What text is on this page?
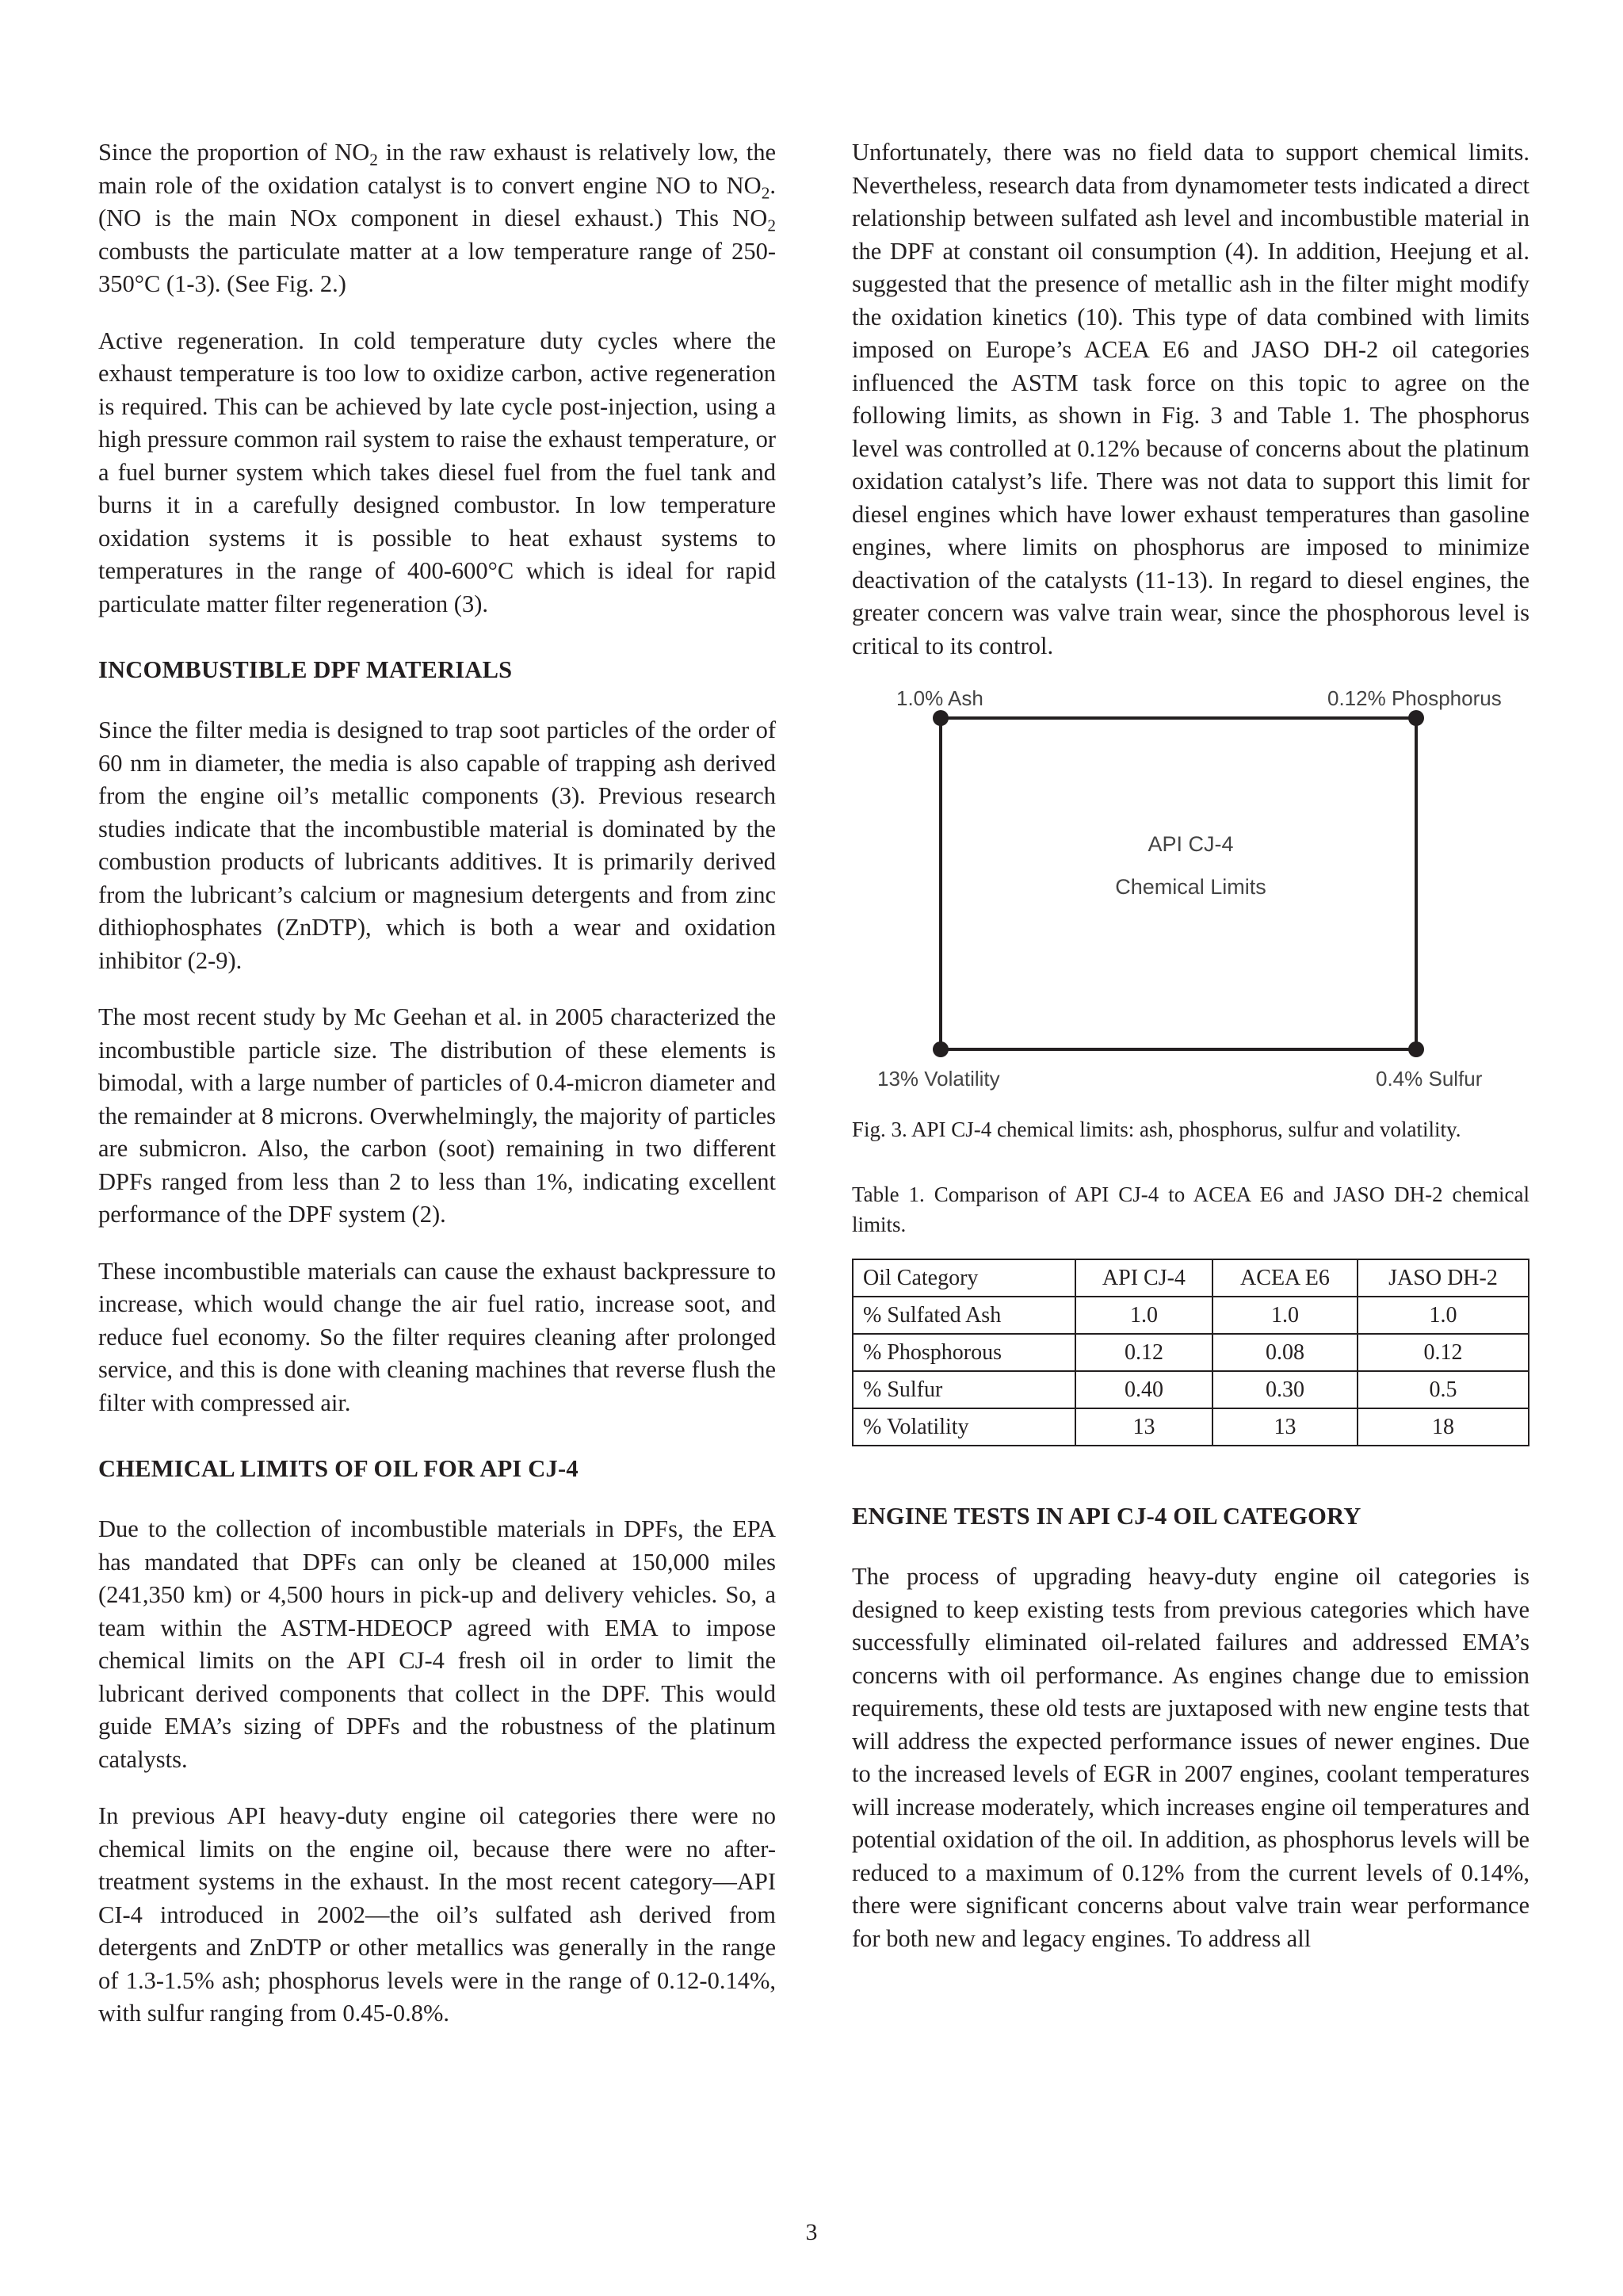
Since the proportion of $NO_2$ in the raw exhaust is relatively low, the main role of the oxidation catalyst is to convert engine NO to $NO_2$. (NO is the main NOx component in diesel exhaust.) This $NO_2$ combusts the particulate matter at a low temperature range of 250-350°C (1-3). (See Fig. 2.)

Active regeneration. In cold temperature duty cycles where the exhaust temperature is too low to oxidize carbon, active regeneration is required. This can be achieved by late cycle post-injection, using a high pressure common rail system to raise the exhaust temperature, or a fuel burner system which takes diesel fuel from the fuel tank and burns it in a carefully designed combustor. In low temperature oxidation systems it is possible to heat exhaust systems to temperatures in the range of 400-600°C which is ideal for rapid particulate matter filter regeneration (3).

INCOMBUSTIBLE DPF MATERIALS

Since the filter media is designed to trap soot particles of the order of 60 nm in diameter, the media is also capable of trapping ash derived from the engine oil’s metallic components (3). Previous research studies indicate that the incombustible material is dominated by the combustion products of lubricants additives. It is primarily derived from the lubricant’s calcium or magnesium detergents and from zinc dithiophosphates (ZnDTP), which is both a wear and oxidation inhibitor (2-9).

The most recent study by Mc Geehan et al. in 2005 characterized the incombustible particle size. The distribution of these elements is bimodal, with a large number of particles of 0.4-micron diameter and the remainder at 8 microns. Overwhelmingly, the majority of particles are submicron. Also, the carbon (soot) remaining in two different DPFs ranged from less than 2 to less than 1%, indicating excellent performance of the DPF system (2).

These incombustible materials can cause the exhaust backpressure to increase, which would change the air fuel ratio, increase soot, and reduce fuel economy. So the filter requires cleaning after prolonged service, and this is done with cleaning machines that reverse flush the filter with compressed air.

CHEMICAL LIMITS OF OIL FOR API CJ-4

Due to the collection of incombustible materials in DPFs, the EPA has mandated that DPFs can only be cleaned at 150,000 miles (241,350 km) or 4,500 hours in pick-up and delivery vehicles. So, a team within the ASTM-HDEOCP agreed with EMA to impose chemical limits on the API CJ-4 fresh oil in order to limit the lubricant derived components that collect in the DPF. This would guide EMA’s sizing of DPFs and the robustness of the platinum catalysts.

In previous API heavy-duty engine oil categories there were no chemical limits on the engine oil, because there were no after-treatment systems in the exhaust. In the most recent category—API CI-4 introduced in 2002—the oil’s sulfated ash derived from detergents and ZnDTP or other metallics was generally in the range of 1.3-1.5% ash; phosphorus levels were in the range of 0.12-0.14%, with sulfur ranging from 0.45-0.8%.

Unfortunately, there was no field data to support chemical limits. Nevertheless, research data from dynamometer tests indicated a direct relationship between sulfated ash level and incombustible material in the DPF at constant oil consumption (4). In addition, Heejung et al. suggested that the presence of metallic ash in the filter might modify the oxidation kinetics (10). This type of data combined with limits imposed on Europe’s ACEA E6 and JASO DH-2 oil categories influenced the ASTM task force on this topic to agree on the following limits, as shown in Fig. 3 and Table 1. The phosphorus level was controlled at 0.12% because of concerns about the platinum oxidation catalyst’s life. There was not data to support this limit for diesel engines which have lower exhaust temperatures than gasoline engines, where limits on phosphorus are imposed to minimize deactivation of the catalysts (11-13). In regard to diesel engines, the greater concern was valve train wear, since the phosphorous level is critical to its control.

1.0% Ash	0.12% Phosphorus
13% Volatility	0.4% Sulfur
API CJ-4
Chemical Limits

Fig. 3. API CJ-4 chemical limits: ash, phosphorus, sulfur and volatility.

Table 1. Comparison of API CJ-4 to ACEA E6 and JASO DH-2 chemical limits.

Oil Category	API CJ-4	ACEA E6	JASO DH-2
% Sulfated Ash	1.0	1.0	1.0
% Phosphorous	0.12	0.08	0.12
% Sulfur	0.40	0.30	0.5
% Volatility	13	13	18
ENGINE TESTS IN API CJ-4 OIL CATEGORY

The process of upgrading heavy-duty engine oil categories is designed to keep existing tests from previous categories which have successfully eliminated oil-related failures and addressed EMA’s concerns with oil performance. As engines change due to emission requirements, these old tests are juxtaposed with new engine tests that will address the expected performance issues of newer engines. Due to the increased levels of EGR in 2007 engines, coolant temperatures will increase moderately, which increases engine oil temperatures and potential oxidation of the oil. In addition, as phosphorus levels will be reduced to a maximum of 0.12% from the current levels of 0.14%, there were significant concerns about valve train wear performance for both new and legacy engines. To address all

3
